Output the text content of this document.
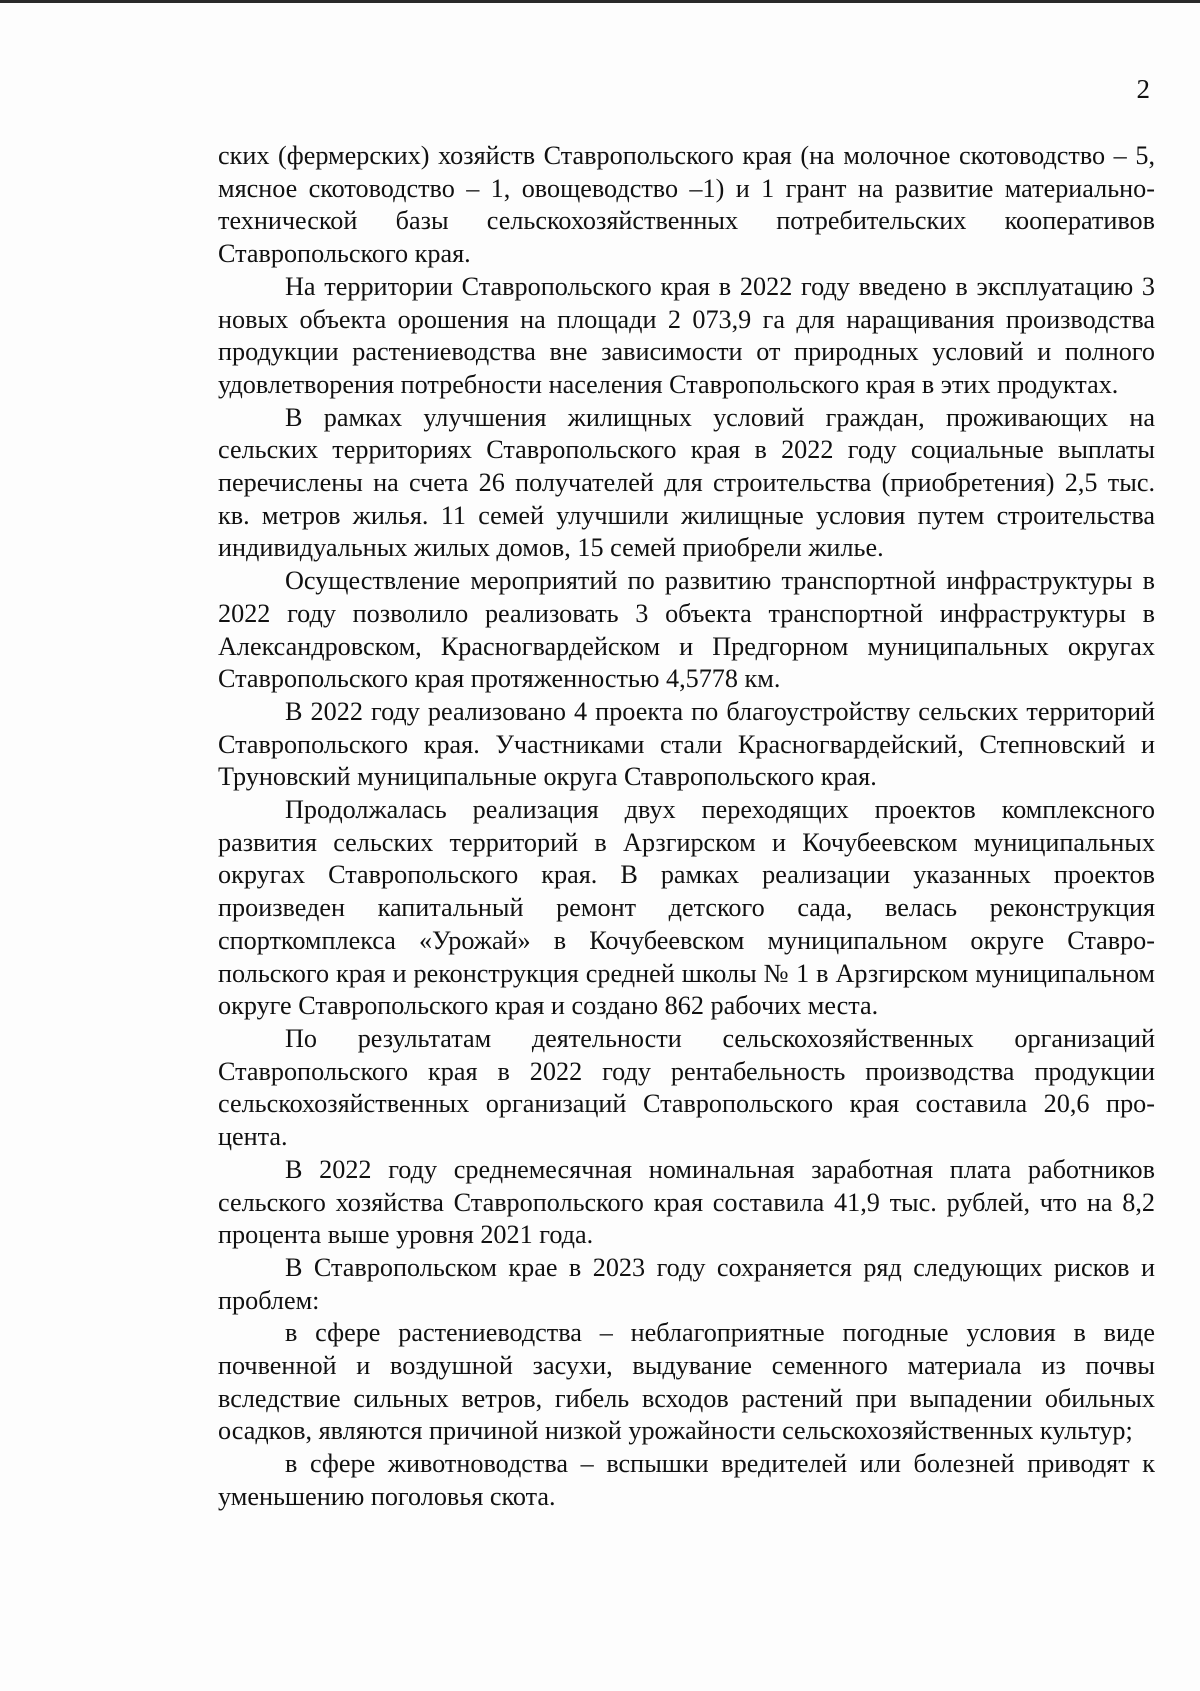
2

ских (фермерских) хозяйств Ставропольского края (на молочное скотоводство – 5, мясное скотоводство – 1, овощеводство –1) и 1 грант на развитие материально-технической базы сельскохозяйственных потребительских кооперативов Ставропольского края.

На территории Ставропольского края в 2022 году введено в эксплуатацию 3 новых объекта орошения на площади 2 073,9 га для наращивания производства продукции растениеводства вне зависимости от природных условий и полного удовлетворения потребности населения Ставропольского края в этих продуктах.

В рамках улучшения жилищных условий граждан, проживающих на сельских территориях Ставропольского края в 2022 году социальные выплаты перечислены на счета 26 получателей для строительства (приобретения) 2,5 тыс. кв. метров жилья. 11 семей улучшили жилищные условия путем строительства индивидуальных жилых домов, 15 семей приобрели жилье.

Осуществление мероприятий по развитию транспортной инфраструктуры в 2022 году позволило реализовать 3 объекта транспортной инфраструктуры в Александровском, Красногвардейском и Предгорном муниципальных округах Ставропольского края протяженностью 4,5778 км.

В 2022 году реализовано 4 проекта по благоустройству сельских территорий Ставропольского края. Участниками стали Красногвардейский, Степновский и Труновский муниципальные округа Ставропольского края.

Продолжалась реализация двух переходящих проектов комплексного развития сельских территорий в Арзгирском и Кочубеевском муниципальных округах Ставропольского края. В рамках реализации указанных проектов произведен капитальный ремонт детского сада, велась реконструкция спорткомплекса «Урожай» в Кочубеевском муниципальном округе Ставропольского края и реконструкция средней школы № 1 в Арзгирском муниципальном округе Ставропольского края и создано 862 рабочих места.

По результатам деятельности сельскохозяйственных организаций Ставропольского края в 2022 году рентабельность производства продукции сельскохозяйственных организаций Ставропольского края составила 20,6 процента.

В 2022 году среднемесячная номинальная заработная плата работников сельского хозяйства Ставропольского края составила 41,9 тыс. рублей, что на 8,2 процента выше уровня 2021 года.

В Ставропольском крае в 2023 году сохраняется ряд следующих рисков и проблем:

в сфере растениеводства – неблагоприятные погодные условия в виде почвенной и воздушной засухи, выдувание семенного материала из почвы вследствие сильных ветров, гибель всходов растений при выпадении обильных осадков, являются причиной низкой урожайности сельскохозяйственных культур;

в сфере животноводства – вспышки вредителей или болезней приводят к уменьшению поголовья скота.
